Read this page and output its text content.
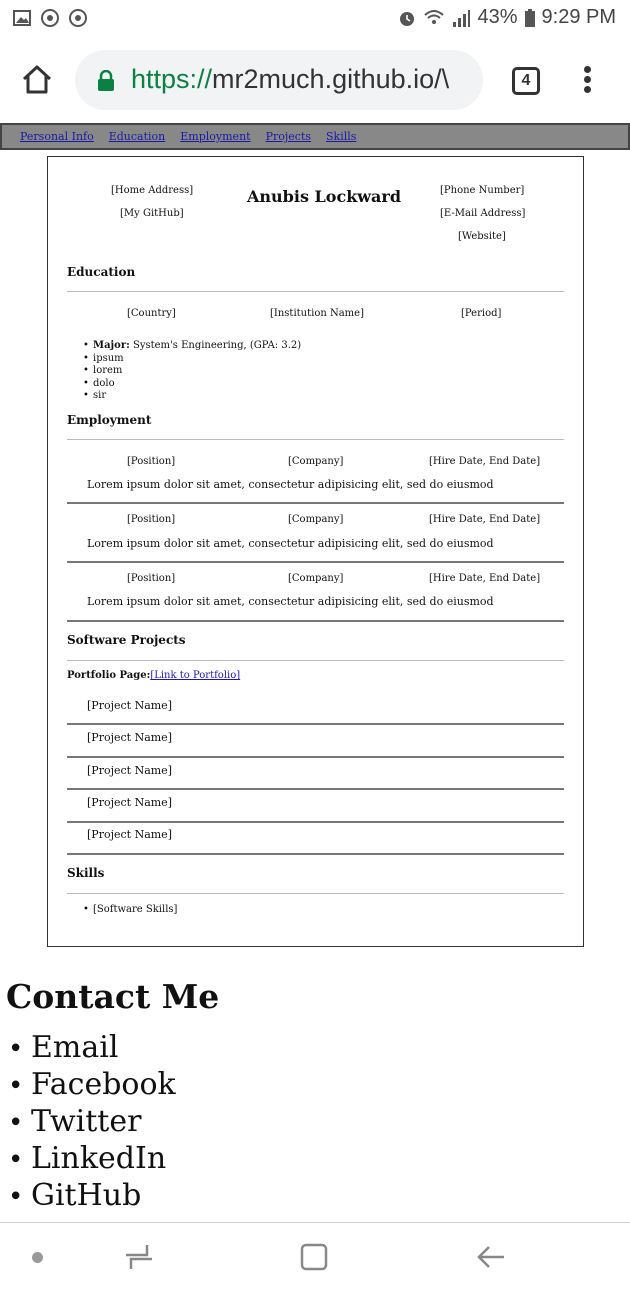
43% 9:29 PM
https://mr2much.github.io/\	4
Personal Info Education Employment Projects Skills
[Home Address]
[My GitHub]
Anubis Lockward	[Phone Number]
[E-Mail Address]
[Website]
Education
[Country]	[Institution Name]	[Period]
• Major: System's Engineering, (GPA: 3.2)
• ipsum
• lorem
• dolo
• sir
Employment
[Position]	[Company]	[Hire Date, End Date]
Lorem ipsum dolor sit amet, consectetur adipisicing elit, sed do eiusmod
[Position]	[Company]	[Hire Date, End Date]
Lorem ipsum dolor sit amet, consectetur adipisicing elit, sed do eiusmod
[Position]	[Company]	[Hire Date, End Date]
Lorem ipsum dolor sit amet, consectetur adipisicing elit, sed do eiusmod
Software Projects
Portfolio Page:[Link to Portfolio]
[Project Name]
[Project Name]
[Project Name]
[Project Name]
[Project Name]
Skills
• [Software Skills]
Contact Me
• Email
• Facebook
• Twitter
• LinkedIn
• GitHub
